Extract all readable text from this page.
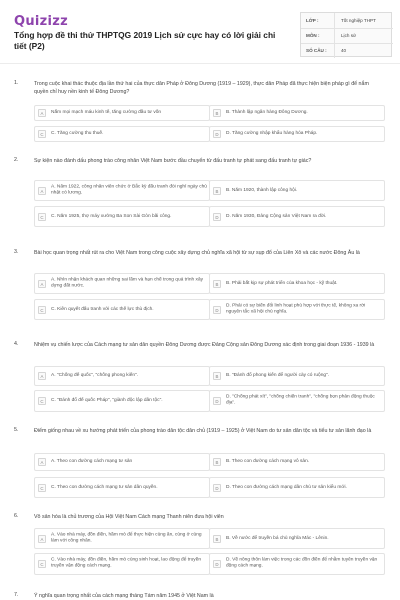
Quizizz
Tổng hợp đề thi thử THPTQG 2019 Lịch sử cực hay có lời giải chi tiết (P2)
LỚP :	Tốt nghiệp THPT
MÔN :	Lịch sử
SỐ CÂU :	40
1.	Trong cuộc khai thác thuộc địa lần thứ hai của thực dân Pháp ở Đông Dương (1919 – 1929), thực dân Pháp đã thực hiện biện pháp gì để nắm quyền chỉ huy nền kinh tế Đông Dương?
A	Nắm mọi mạch máu kinh tế, tăng cường đầu tư vốn	B	B. Thành lập ngân hàng Đông Dương.
C	C. Tăng cường thu thuế.	D	D. Tăng cường nhập khẩu hàng hóa Pháp.
2.	Sự kiện nào đánh dấu phong trào công nhân Việt Nam bước đầu chuyển từ đấu tranh tự phát sang đấu tranh tự giác?
A
A. Năm 1922, công nhân viên chức ở Bắc kỳ đấu tranh đòi nghỉ ngày chủ nhật có lương.	B	B. Năm 1920, thành lập công hội.
C	C. Năm 1925, thợ máy xưởng Ba Son Sài Gòn bãi công.	D	D. Năm 1930, Đảng Cộng sản Việt Nam ra đời.
3.	Bài học quan trọng nhất rút ra cho Việt Nam trong công cuộc xây dựng chủ nghĩa xã hội từ sự sụp đổ của Liên Xô và các nước Đông Âu là
A
A. Nhìn nhận khách quan những sai lầm và hạn chế trong quá trình xây dựng đất nước.	B	B. Phải bắt kịp sự phát triển của khoa học - kỹ thuật.
C	C. Kiên quyết đấu tranh với các thế lực thù địch.	D
D. Phải có sự biến đổi linh hoạt phù hợp với thực tế, không xa rời nguyên tắc xã hội chủ nghĩa.
4.	Nhiệm vụ chiến lược của Cách mạng tư sản dân quyền Đông Dương được Đảng Cộng sản Đông Dương xác định trong giai đoạn 1936 - 1939 là
A	A. "Chống đế quốc", "chống phong kiến".	B	B. "Đánh đổ phong kiến để người cày có ruộng".
C	C. "Đánh đổ đế quốc Pháp", "giành độc lập dân tộc".	D
D. "Chống phát xít", "chống chiến tranh", "chống bọn phản động thuộc địa".
5.	Điểm giống nhau về xu hướng phát triển của phong trào dân tộc dân chủ (1919 – 1925) ở Việt Nam do tư sản dân tộc và tiểu tư sản lãnh đạo là
A	A. Theo con đường cách mạng tư sản	B	B. Theo con đường cách mạng vô sản.
C	C. Theo con đường cách mạng tư sản dân quyền.	D	D. Theo con đường cách mạng dân chủ tư sản kiểu mới.
6.	Vô sản hóa là chủ trương của Hội Việt Nam Cách mạng Thanh niên đưa hội viên
A
A. Vào nhà máy, đồn điền, hầm mỏ để thực hiện cùng ăn, cùng ở cùng làm với công nhân.	B	B. Về nước để truyền bá chủ nghĩa Mác - Lênin.
C
C. Vào nhà máy, đồn điền, hầm mỏ cùng sinh hoạt, lao động để truyền truyền vận động cách mạng.	D
D. Về nông thôn làm việc trong các đồn điền để nhằm tuyên truyền vận động cách mạng.
7.	Ý nghĩa quan trọng nhất của cách mạng tháng Tám năm 1945 ở Việt Nam là
